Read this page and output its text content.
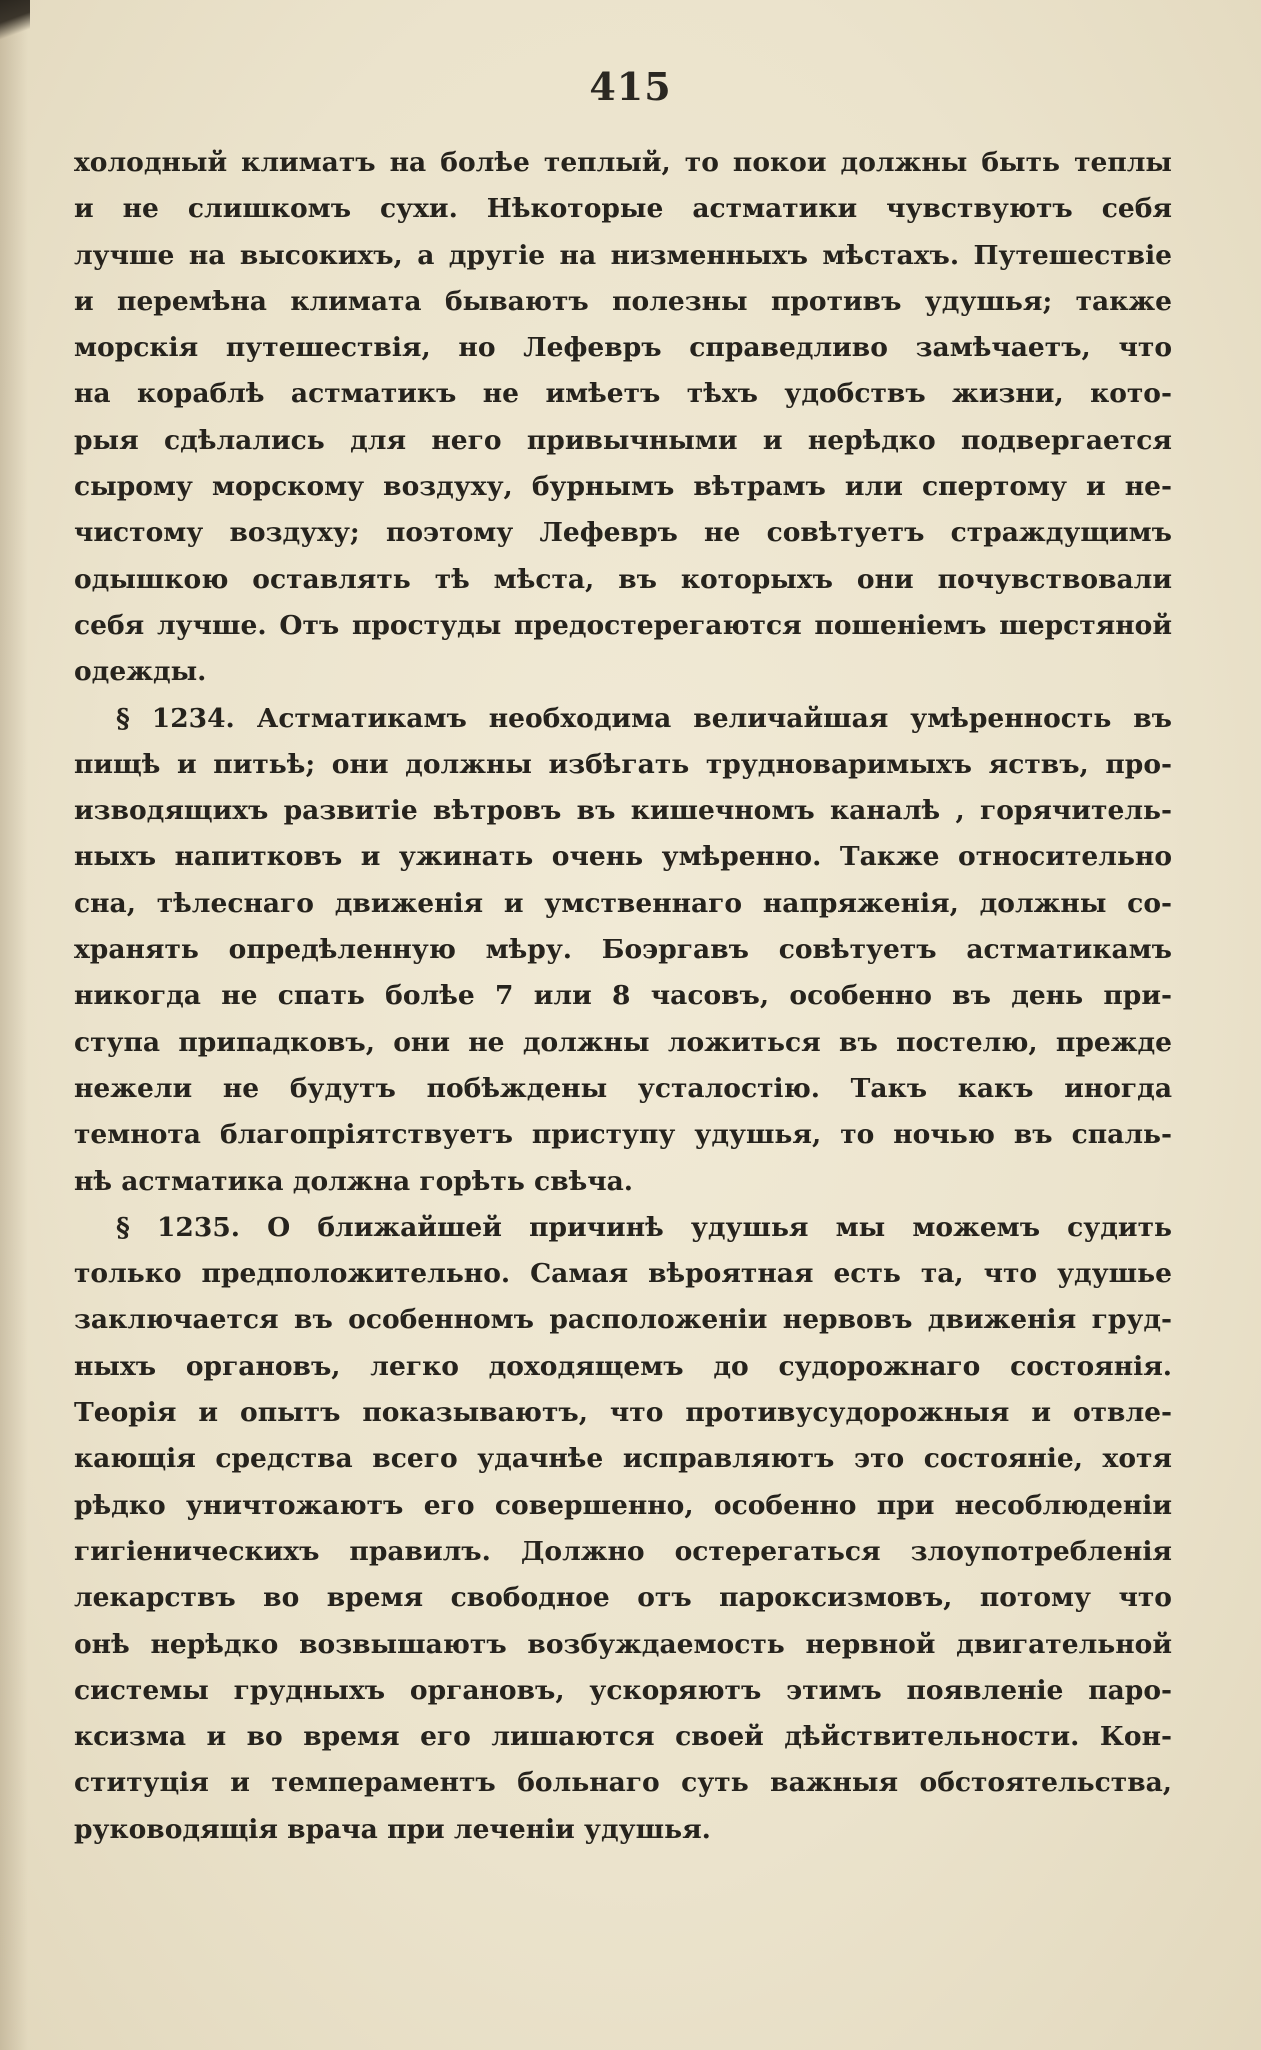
415
холодный климатъ на болѣе теплый, то покои должны быть теплы
и не слишкомъ сухи. Нѣкоторые астматики чувствуютъ себя
лучше на высокихъ, а другіе на низменныхъ мѣстахъ. Путешествіе
и перемѣна климата бываютъ полезны противъ удушья; также
морскія путешествія, но Лефевръ справедливо замѣчаетъ, что
на кораблѣ астматикъ не имѣетъ тѣхъ удобствъ жизни, кото-
рыя сдѣлались для него привычными и нерѣдко подвергается
сырому морскому воздуху, бурнымъ вѣтрамъ или спертому и не-
чистому воздуху; поэтому Лефевръ не совѣтуетъ страждущимъ
одышкою оставлять тѣ мѣста, въ которыхъ они почувствовали
себя лучше. Отъ простуды предостерегаются пошеніемъ шерстяной
одежды.
§ 1234. Астматикамъ необходима величайшая умѣренность въ
пищѣ и питьѣ; они должны избѣгать трудноваримыхъ яствъ, про-
изводящихъ развитіе вѣтровъ въ кишечномъ каналѣ , горячитель-
ныхъ напитковъ и ужинать очень умѣренно. Также относительно
сна, тѣлеснаго движенія и умственнаго напряженія, должны со-
хранять опредѣленную мѣру. Боэргавъ совѣтуетъ астматикамъ
никогда не спать болѣе 7 или 8 часовъ, особенно въ день при-
ступа припадковъ, они не должны ложиться въ постелю, прежде
нежели не будутъ побѣждены усталостію. Такъ какъ иногда
темнота благопріятствуетъ приступу удушья, то ночью въ спаль-
нѣ астматика должна горѣть свѣча.
§ 1235. О ближайшей причинѣ удушья мы можемъ судить
только предположительно. Самая вѣроятная есть та, что удушье
заключается въ особенномъ расположеніи нервовъ движенія груд-
ныхъ органовъ, легко доходящемъ до судорожнаго состоянія.
Теорія и опытъ показываютъ, что противусудорожныя и отвле-
кающія средства всего удачнѣе исправляютъ это состояніе, хотя
рѣдко уничтожаютъ его совершенно, особенно при несоблюденіи
гигіеническихъ правилъ. Должно остерегаться злоупотребленія
лекарствъ во время свободное отъ пароксизмовъ, потому что
онѣ нерѣдко возвышаютъ возбуждаемость нервной двигательной
системы грудныхъ органовъ, ускоряютъ этимъ появленіе паро-
ксизма и во время его лишаются своей дѣйствительности. Кон-
ституція и темпераментъ больнаго суть важныя обстоятельства,
руководящія врача при леченіи удушья.
